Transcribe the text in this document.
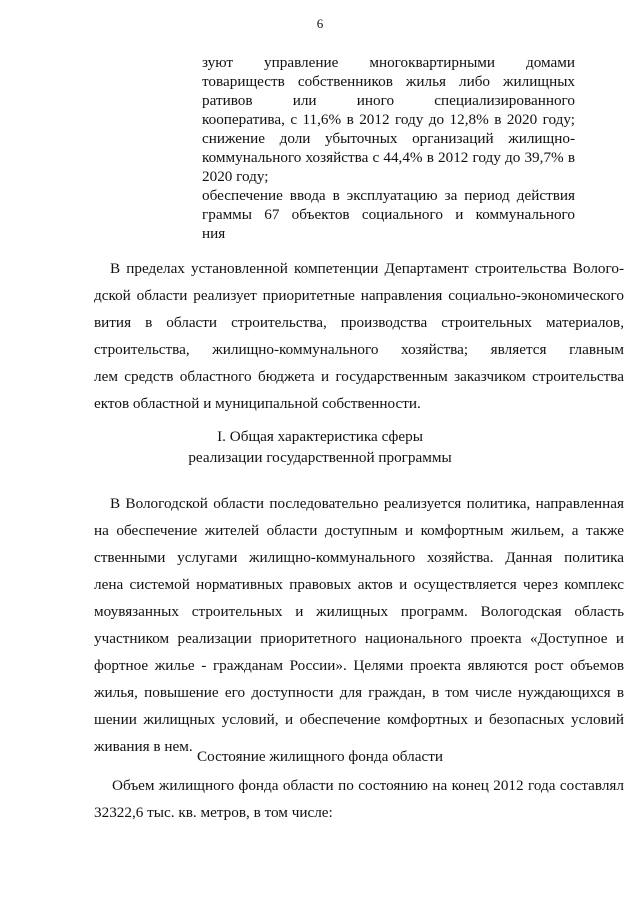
6
зуют управление многоквартирными домами
товариществ собственников жилья либо жилищных
ративов или иного специализированного
кооператива, с 11,6% в 2012 году до 12,8% в 2020 году;
снижение доли убыточных организаций жилищно-
коммунального хозяйства с 44,4% в 2012 году до 39,7% в
2020 году;
обеспечение ввода в эксплуатацию за период действия
граммы 67 объектов социального и коммунального
ния
В пределах установленной компетенции Департамент строительства Волого-
дской области реализует приоритетные направления социально-экономического
вития в области строительства, производства строительных материалов,
строительства, жилищно-коммунального хозяйства; является главным
лем средств областного бюджета и государственным заказчиком строительства
ектов областной и муниципальной собственности.
I. Общая характеристика сферы
реализации государственной программы
В Вологодской области последовательно реализуется политика, направленная
на обеспечение жителей области доступным и комфортным жильем, а также
ственными услугами жилищно-коммунального хозяйства. Данная политика
лена системой нормативных правовых актов и осуществляется через комплекс
моувязанных строительных и жилищных программ. Вологодская область
участником реализации приоритетного национального проекта «Доступное и
фортное жилье - гражданам России». Целями проекта являются рост объемов
жилья, повышение его доступности для граждан, в том числе нуждающихся в
шении жилищных условий, и обеспечение комфортных и безопасных условий
живания в нем.
Состояние жилищного фонда области
Объем жилищного фонда области по состоянию на конец 2012 года составлял
32322,6 тыс. кв. метров, в том числе:
